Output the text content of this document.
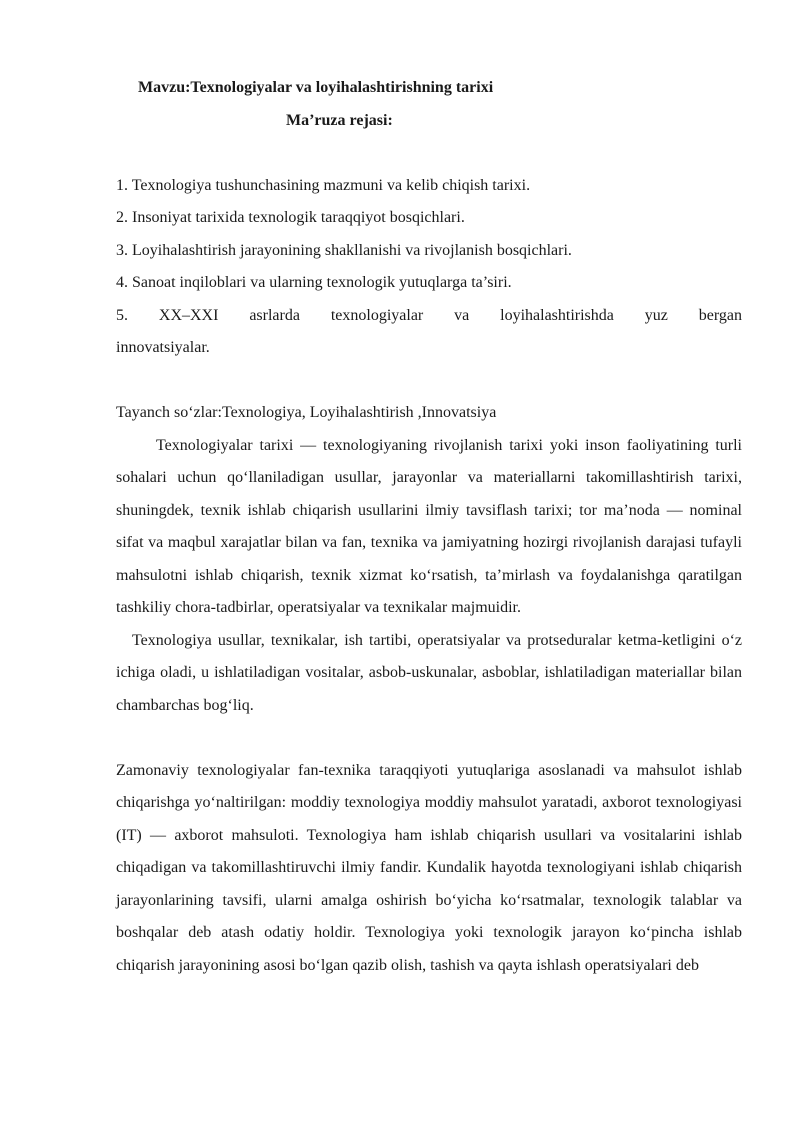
Mavzu:Texnologiyalar va loyihalashtirishning tarixi

Ma’ruza rejasi:

1. Texnologiya tushunchasining mazmuni va kelib chiqish tarixi.

2. Insoniyat tarixida texnologik taraqqiyot bosqichlari.

3. Loyihalashtirish jarayonining shakllanishi va rivojlanish bosqichlari.

4. Sanoat inqiloblari va ularning texnologik yutuqlarga ta’siri.

5. XX–XXI asrlarda texnologiyalar va loyihalashtirishda yuz bergan

innovatsiyalar.

Tayanch so‘zlar:Texnologiya, Loyihalashtirish ,Innovatsiya

Texnologiyalar tarixi — texnologiyaning rivojlanish tarixi yoki inson faoliyatining turli sohalari uchun qo‘llaniladigan usullar, jarayonlar va materiallarni takomillashtirish tarixi, shuningdek, texnik ishlab chiqarish usullarini ilmiy tavsiflash tarixi; tor ma’noda — nominal sifat va maqbul xarajatlar bilan va fan, texnika va jamiyatning hozirgi rivojlanish darajasi tufayli mahsulotni ishlab chiqarish, texnik xizmat ko‘rsatish, ta’mirlash va foydalanishga qaratilgan tashkiliy chora-tadbirlar, operatsiyalar va texnikalar majmuidir.

Texnologiya usullar, texnikalar, ish tartibi, operatsiyalar va protseduralar ketma-ketligini o‘z ichiga oladi, u ishlatiladigan vositalar, asbob-uskunalar, asboblar, ishlatiladigan materiallar bilan chambarchas bog‘liq.

Zamonaviy texnologiyalar fan-texnika taraqqiyoti yutuqlariga asoslanadi va mahsulot ishlab chiqarishga yo‘naltirilgan: moddiy texnologiya moddiy mahsulot yaratadi, axborot texnologiyasi (IT) — axborot mahsuloti. Texnologiya ham ishlab chiqarish usullari va vositalarini ishlab chiqadigan va takomillashtiruvchi ilmiy fandir. Kundalik hayotda texnologiyani ishlab chiqarish jarayonlarining tavsifi, ularni amalga oshirish bo‘yicha ko‘rsatmalar, texnologik talablar va boshqalar deb atash odatiy holdir. Texnologiya yoki texnologik jarayon ko‘pincha ishlab chiqarish jarayonining asosi bo‘lgan qazib olish, tashish va qayta ishlash operatsiyalari deb
